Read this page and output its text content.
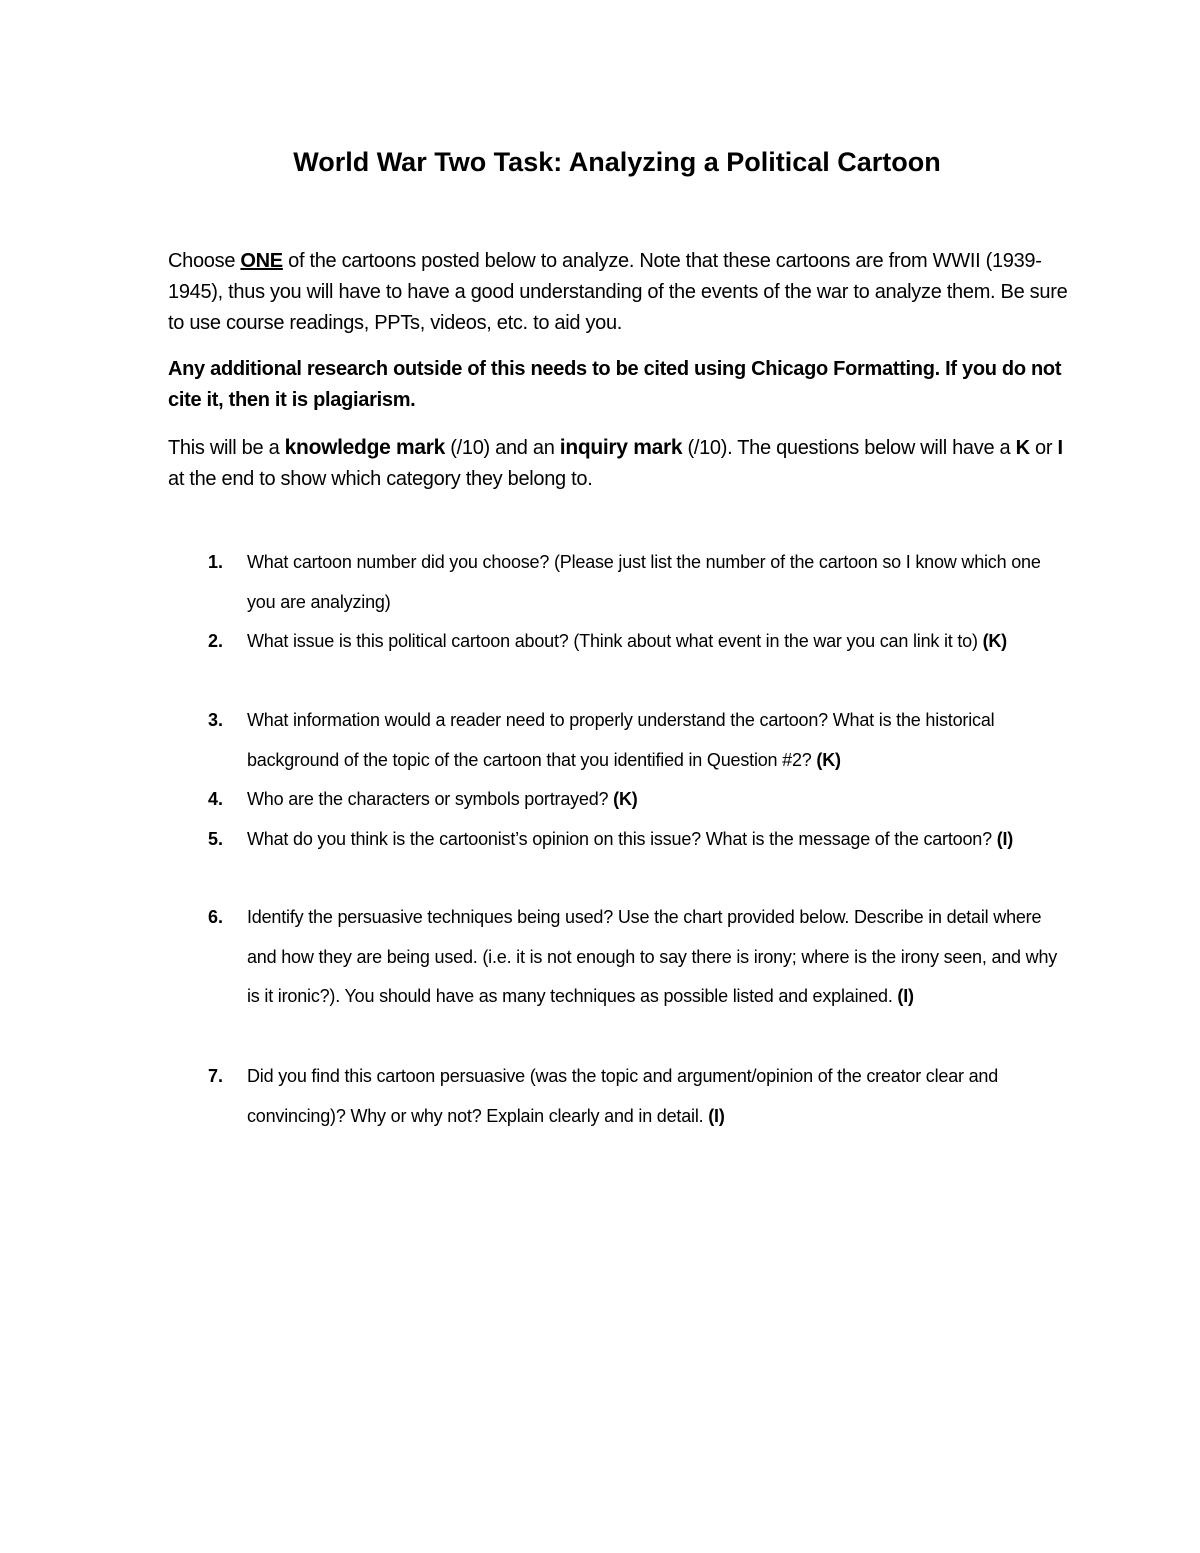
World War Two Task: Analyzing a Political Cartoon
Choose ONE of the cartoons posted below to analyze. Note that these cartoons are from WWII (1939-1945), thus you will have to have a good understanding of the events of the war to analyze them. Be sure to use course readings, PPTs, videos, etc. to aid you.
Any additional research outside of this needs to be cited using Chicago Formatting. If you do not cite it, then it is plagiarism.
This will be a knowledge mark (/10) and an inquiry mark (/10). The questions below will have a K or I at the end to show which category they belong to.
1.	What cartoon number did you choose? (Please just list the number of the cartoon so I know which one you are analyzing)
2.	What issue is this political cartoon about? (Think about what event in the war you can link it to) (K)
3.	What information would a reader need to properly understand the cartoon? What is the historical background of the topic of the cartoon that you identified in Question #2? (K)
4.	Who are the characters or symbols portrayed? (K)
5.	What do you think is the cartoonist’s opinion on this issue? What is the message of the cartoon? (I)
6.	Identify the persuasive techniques being used? Use the chart provided below. Describe in detail where and how they are being used. (i.e. it is not enough to say there is irony; where is the irony seen, and why is it ironic?). You should have as many techniques as possible listed and explained. (I)
7.	Did you find this cartoon persuasive (was the topic and argument/opinion of the creator clear and convincing)? Why or why not? Explain clearly and in detail. (I)
